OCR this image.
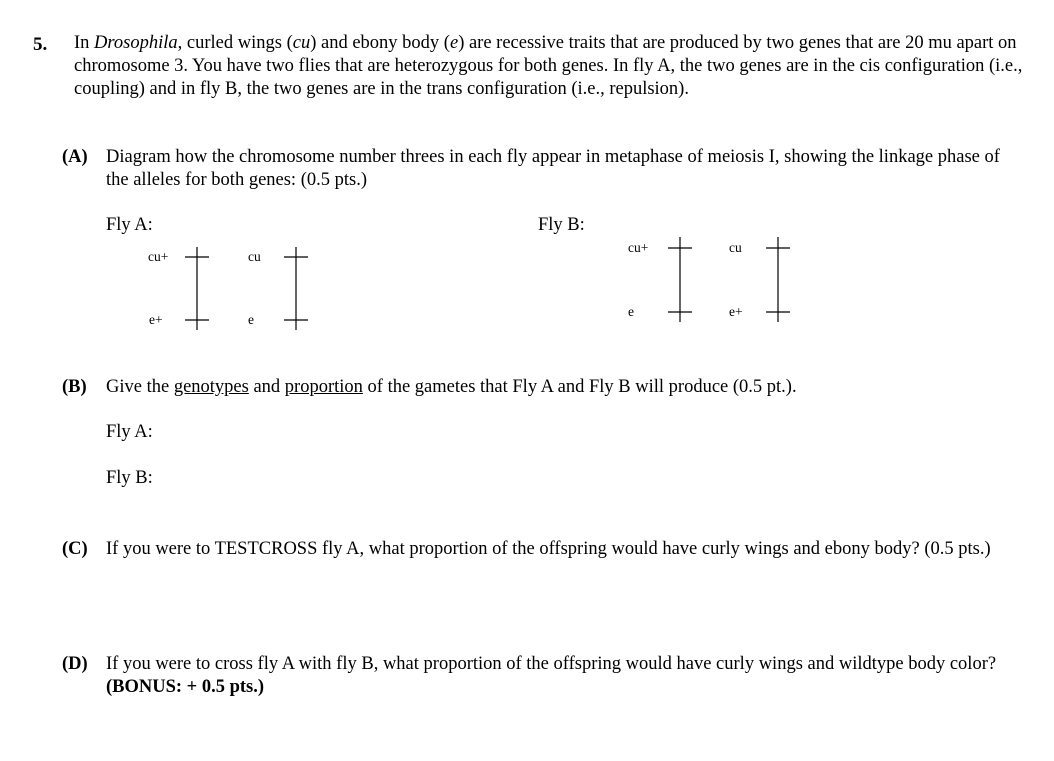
5. In Drosophila, curled wings (cu) and ebony body (e) are recessive traits that are produced by two genes that are 20 mu apart on chromosome 3. You have two flies that are heterozygous for both genes. In fly A, the two genes are in the cis configuration (i.e., coupling) and in fly B, the two genes are in the trans configuration (i.e., repulsion).
(A) Diagram how the chromosome number threes in each fly appear in metaphase of meiosis I, showing the linkage phase of the alleles for both genes: (0.5 pts.)
Fly A:	Fly B:
cu+
e+
cu
e
cu+
e
cu
e+
(B) Give the genotypes and proportion of the gametes that Fly A and Fly B will produce (0.5 pt.).
Fly A:
Fly B:
(C) If you were to TESTCROSS fly A, what proportion of the offspring would have curly wings and ebony body? (0.5 pts.)
(D) If you were to cross fly A with fly B, what proportion of the offspring would have curly wings and wildtype body color? (BONUS: + 0.5 pts.)
